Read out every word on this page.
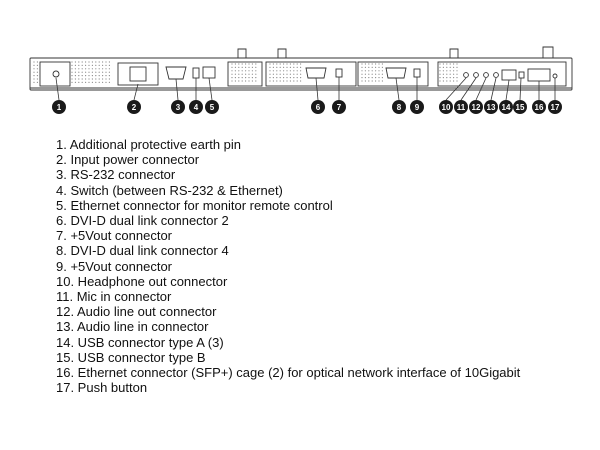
1	2	3 4 5	6 7	8 9	10 11 12 13 14 15 16 17
1. Additional protective earth pin
2. Input power connector
3. RS-232 connector
4. Switch (between RS-232 & Ethernet)
5. Ethernet connector for monitor remote control
6. DVI-D dual link connector 2
7. +5Vout connector
8. DVI-D dual link connector 4
9. +5Vout connector
10. Headphone out connector
11. Mic in connector
12. Audio line out connector
13. Audio line in connector
14. USB connector type A (3)
15. USB connector type B
16. Ethernet connector (SFP+) cage (2) for optical network interface of 10Gigabit
17. Push button
